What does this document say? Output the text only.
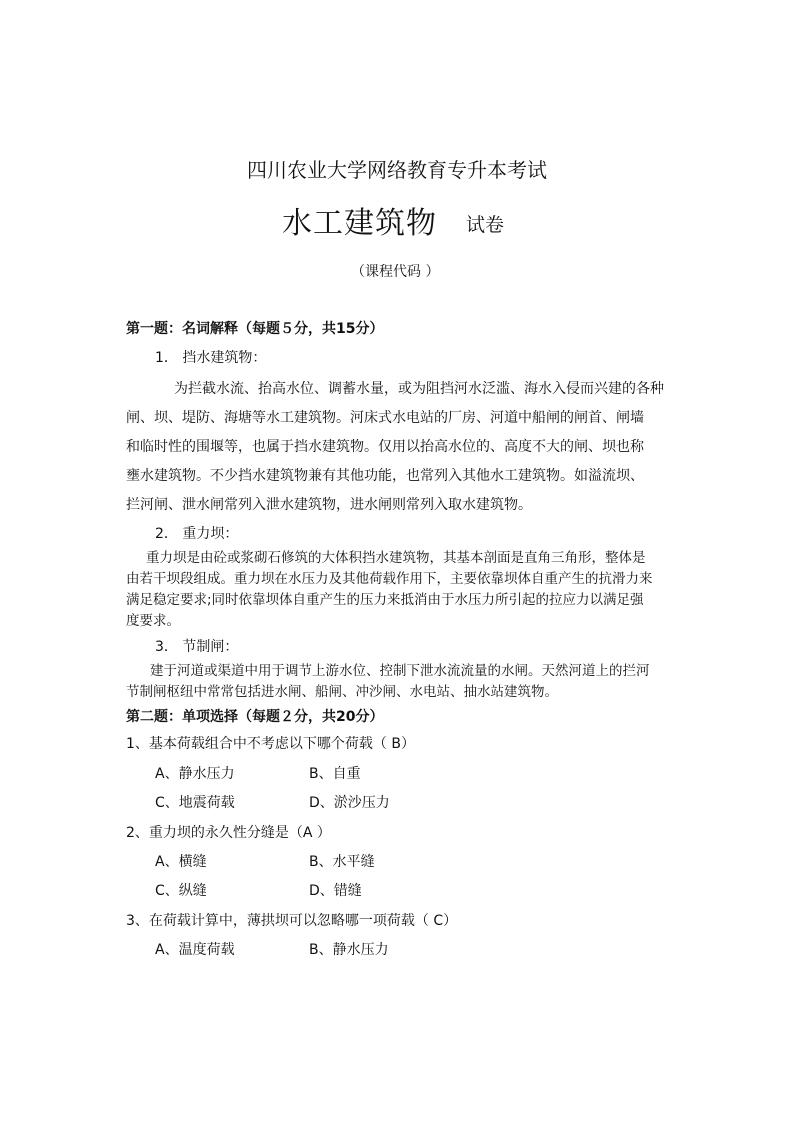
四川农业大学网络教育专升本考试
水工建筑物 试卷
（课程代码 ）
第一题：名词解释（每题５分，共15分）
1． 挡水建筑物：
为拦截水流、抬高水位、调蓄水量，或为阻挡河水泛滥、海水入侵而兴建的各种
闸、坝、堤防、海塘等水工建筑物。河床式水电站的厂房、河道中船闸的闸首、闸墙
和临时性的围堰等，也属于挡水建筑物。仅用以抬高水位的、高度不大的闸、坝也称
壅水建筑物。不少挡水建筑物兼有其他功能，也常列入其他水工建筑物。如溢流坝、
拦河闸、泄水闸常列入泄水建筑物，进水闸则常列入取水建筑物。
2． 重力坝：
重力坝是由砼或浆砌石修筑的大体积挡水建筑物，其基本剖面是直角三角形，整体是
由若干坝段组成。重力坝在水压力及其他荷载作用下，主要依靠坝体自重产生的抗滑力来
满足稳定要求;同时依靠坝体自重产生的压力来抵消由于水压力所引起的拉应力以满足强
度要求。
3． 节制闸：
建于河道或渠道中用于调节上游水位、控制下泄水流流量的水闸。天然河道上的拦河
节制闸枢纽中常常包括进水闸、船闸、冲沙闸、水电站、抽水站建筑物。
第二题：单项选择（每题２分，共20分）
1、基本荷载组合中不考虑以下哪个荷载（ B）
A、静水压力	B、自重
C、地震荷载	D、淤沙压力
2、重力坝的永久性分缝是（A ）
A、横缝	B、水平缝
C、纵缝	D、错缝
3、在荷载计算中，薄拱坝可以忽略哪一项荷载（ C）
A、温度荷载	B、静水压力
